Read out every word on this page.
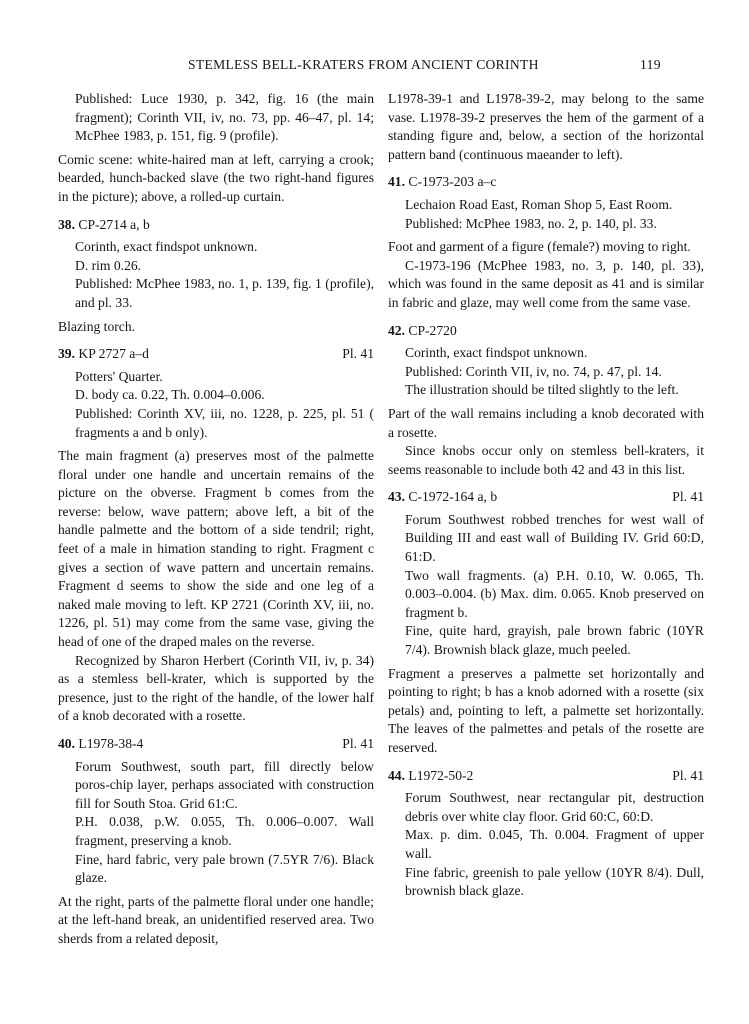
STEMLESS BELL-KRATERS FROM ANCIENT CORINTH	119

Published: Luce 1930, p. 342, fig. 16 (the main fragment); Corinth VII, iv, no. 73, pp. 46–47, pl. 14; McPhee 1983, p. 151, fig. 9 (profile).

Comic scene: white-haired man at left, carrying a crook; bearded, hunch-backed slave (the two right-hand figures in the picture); above, a rolled-up curtain.

38. CP-2714 a, b

Corinth, exact findspot unknown.

D. rim 0.26.

Published: McPhee 1983, no. 1, p. 139, fig. 1 (profile), and pl. 33.

Blazing torch.

39. KP 2727 a–d	Pl. 41

Potters' Quarter.

D. body ca. 0.22, Th. 0.004–0.006.

Published: Corinth XV, iii, no. 1228, p. 225, pl. 51 ( fragments a and b only).

The main fragment (a) preserves most of the palmette floral under one handle and uncertain remains of the picture on the obverse. Fragment b comes from the reverse: below, wave pattern; above left, a bit of the handle palmette and the bottom of a side tendril; right, feet of a male in himation standing to right. Fragment c gives a section of wave pattern and uncertain remains. Fragment d seems to show the side and one leg of a naked male moving to left. KP 2721 (Corinth XV, iii, no. 1226, pl. 51) may come from the same vase, giving the head of one of the draped males on the reverse.

Recognized by Sharon Herbert (Corinth VII, iv, p. 34) as a stemless bell-krater, which is supported by the presence, just to the right of the handle, of the lower half of a knob decorated with a rosette.

40. L1978-38-4	Pl. 41

Forum Southwest, south part, fill directly below poros-chip layer, perhaps associated with construction fill for South Stoa. Grid 61:C.

P.H. 0.038, p.W. 0.055, Th. 0.006–0.007. Wall fragment, preserving a knob.

Fine, hard fabric, very pale brown (7.5YR 7/6). Black glaze.

At the right, parts of the palmette floral under one handle; at the left-hand break, an unidentified reserved area. Two sherds from a related deposit,

L1978-39-1 and L1978-39-2, may belong to the same vase. L1978-39-2 preserves the hem of the garment of a standing figure and, below, a section of the horizontal pattern band (continuous maeander to left).

41. C-1973-203 a–c

Lechaion Road East, Roman Shop 5, East Room.

Published: McPhee 1983, no. 2, p. 140, pl. 33.

Foot and garment of a figure (female?) moving to right.

C-1973-196 (McPhee 1983, no. 3, p. 140, pl. 33), which was found in the same deposit as 41 and is similar in fabric and glaze, may well come from the same vase.

42. CP-2720

Corinth, exact findspot unknown.

Published: Corinth VII, iv, no. 74, p. 47, pl. 14.

The illustration should be tilted slightly to the left.

Part of the wall remains including a knob decorated with a rosette.

Since knobs occur only on stemless bell-kraters, it seems reasonable to include both 42 and 43 in this list.

43. C-1972-164 a, b	Pl. 41

Forum Southwest robbed trenches for west wall of Building III and east wall of Building IV. Grid 60:D, 61:D.

Two wall fragments. (a) P.H. 0.10, W. 0.065, Th. 0.003–0.004. (b) Max. dim. 0.065. Knob preserved on fragment b.

Fine, quite hard, grayish, pale brown fabric (10YR 7/4). Brownish black glaze, much peeled.

Fragment a preserves a palmette set horizontally and pointing to right; b has a knob adorned with a rosette (six petals) and, pointing to left, a palmette set horizontally. The leaves of the palmettes and petals of the rosette are reserved.

44. L1972-50-2	Pl. 41

Forum Southwest, near rectangular pit, destruction debris over white clay floor. Grid 60:C, 60:D.

Max. p. dim. 0.045, Th. 0.004. Fragment of upper wall.

Fine fabric, greenish to pale yellow (10YR 8/4). Dull, brownish black glaze.
